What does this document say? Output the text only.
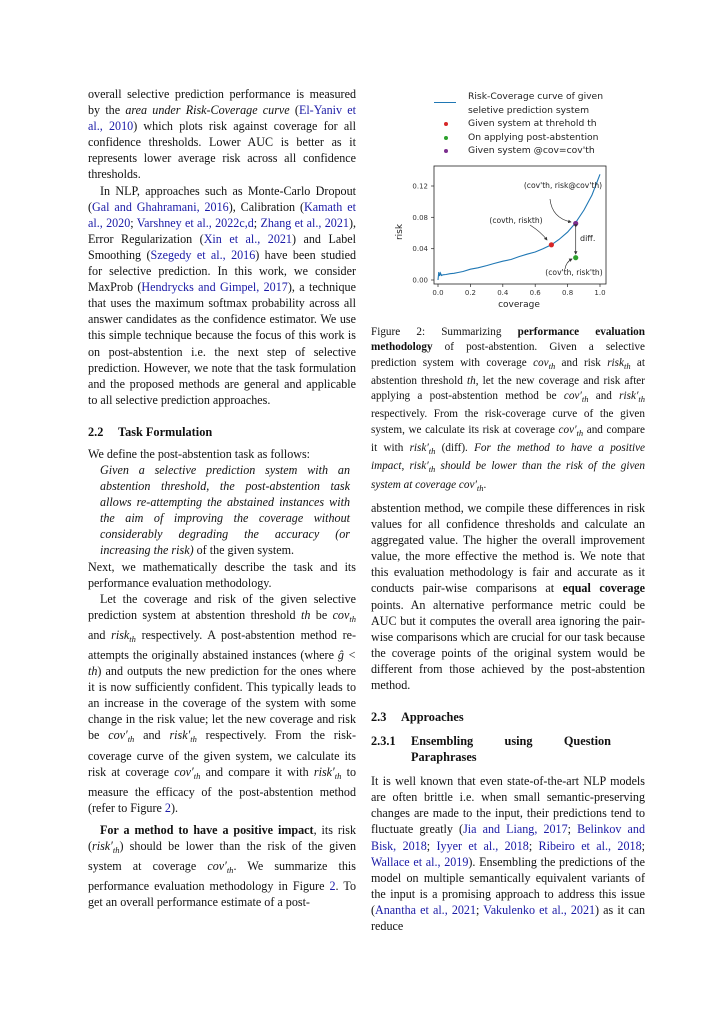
overall selective prediction performance is measured by the area under Risk-Coverage curve (El-Yaniv et al., 2010) which plots risk against coverage for all confidence thresholds. Lower AUC is better as it represents lower average risk across all confidence thresholds.

In NLP, approaches such as Monte-Carlo Dropout (Gal and Ghahramani, 2016), Calibration (Kamath et al., 2020; Varshney et al., 2022c,d; Zhang et al., 2021), Error Regularization (Xin et al., 2021) and Label Smoothing (Szegedy et al., 2016) have been studied for selective prediction. In this work, we consider MaxProb (Hendrycks and Gimpel, 2017), a technique that uses the maximum softmax probability across all answer candidates as the confidence estimator. We use this simple technique because the focus of this work is on post-abstention i.e. the next step of selective prediction. However, we note that the task formulation and the proposed methods are general and applicable to all selective prediction approaches.

2.2 Task Formulation

We define the post-abstention task as follows:

Given a selective prediction system with an abstention threshold, the post-abstention task allows re-attempting the abstained instances with the aim of improving the coverage without considerably degrading the accuracy (or increasing the risk) of the given system.

Next, we mathematically describe the task and its performance evaluation methodology.

Let the coverage and risk of the given selective prediction system at abstention threshold th be cov$_{th}$ and risk$_{th}$ respectively. A post-abstention method re-attempts the originally abstained instances (where ĝ < th) and outputs the new prediction for the ones where it is now sufficiently confident. This typically leads to an increase in the coverage of the system with some change in the risk value; let the new coverage and risk be $cov'_{th}$ and $risk'_{th}$ respectively. From the risk-coverage curve of the given system, we calculate its risk at coverage $cov'_{th}$ and compare it with $risk'_{th}$ to measure the efficacy of the post-abstention method (refer to Figure 2).

For a method to have a positive impact, its risk $(risk'_{th})$ should be lower than the risk of the given system at coverage $cov'_{th}$. We summarize this performance evaluation methodology in Figure 2. To get an overall performance estimate of a post-

Risk-Coverage curve of given
seletive prediction system
Given system at threhold th
On applying post-abstention
Given system @cov=cov'th
0.00
0.04
0.08
0.12
0.0	0.2	0.4	0.6	0.8	1.0
coverage
risk
(cov'th, risk@cov'th)
(covth, riskth)
diff.
(cov'th, risk'th)
Figure 2: Summarizing performance evaluation methodology of post-abstention. Given a selective prediction system with coverage cov$_{th}$ and risk risk$_{th}$ at abstention threshold th, let the new coverage and risk after applying a post-abstention method be $cov'_{th}$ and $risk'_{th}$ respectively. From the risk-coverage curve of the given system, we calculate its risk at coverage $cov'_{th}$ and compare it with $risk'_{th}$ (diff). For the method to have a positive impact, $risk'_{th}$ should be lower than the risk of the given system at coverage $cov'_{th}$.

abstention method, we compile these differences in risk values for all confidence thresholds and calculate an aggregated value. The higher the overall improvement value, the more effective the method is. We note that this evaluation methodology is fair and accurate as it conducts pair-wise comparisons at equal coverage points. An alternative performance metric could be AUC but it computes the overall area ignoring the pair-wise comparisons which are crucial for our task because the coverage points of the original system would be different from those achieved by the post-abstention method.

2.3 Approaches
2.3.1 Ensembling using Question Paraphrases

It is well known that even state-of-the-art NLP models are often brittle i.e. when small semantic-preserving changes are made to the input, their predictions tend to fluctuate greatly (Jia and Liang, 2017; Belinkov and Bisk, 2018; Iyyer et al., 2018; Ribeiro et al., 2018; Wallace et al., 2019). Ensembling the predictions of the model on multiple semantically equivalent variants of the input is a promising approach to address this issue (Anantha et al., 2021; Vakulenko et al., 2021) as it can reduce
